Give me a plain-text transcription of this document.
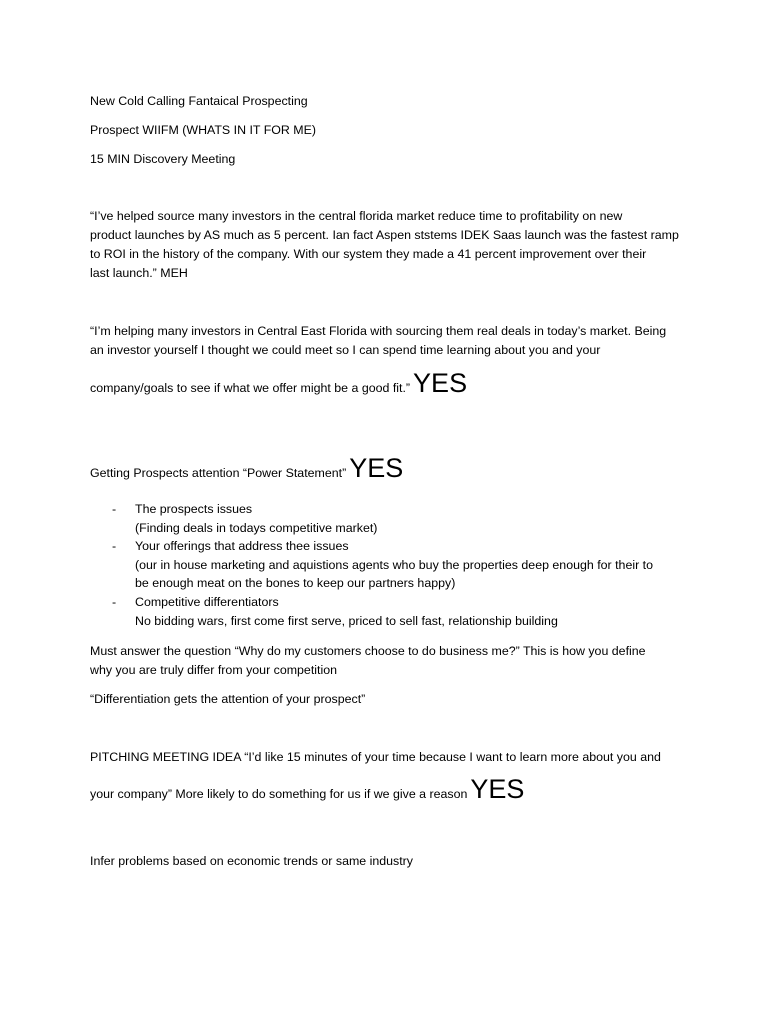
New Cold Calling Fantaical Prospecting
Prospect WIIFM (WHATS IN IT FOR ME)
15 MIN Discovery Meeting
“I’ve helped source many investors in the central florida market reduce time to profitability on new
product launches by AS much as 5 percent. Ian fact Aspen ststems IDEK Saas launch was the fastest ramp
to ROI in the history of the company. With our system they made a 41 percent improvement over their
last launch.” MEH
“I’m helping many investors in Central East Florida with sourcing them real deals in today’s market. Being
an investor yourself I thought we could meet so I can spend time learning about you and your
company/goals to see if what we offer might be a good fit.” YES
Getting Prospects attention “Power Statement” YES
- The prospects issues
(Finding deals in todays competitive market)
- Your offerings that address thee issues
(our in house marketing and aquistions agents who buy the properties deep enough for their to
be enough meat on the bones to keep our partners happy)
- Competitive differentiators
No bidding wars, first come first serve, priced to sell fast, relationship building
Must answer the question “Why do my customers choose to do business me?” This is how you define
why you are truly differ from your competition
“Differentiation gets the attention of your prospect”
PITCHING MEETING IDEA “I’d like 15 minutes of your time because I want to learn more about you and
your company” More likely to do something for us if we give a reason YES
Infer problems based on economic trends or same industry
